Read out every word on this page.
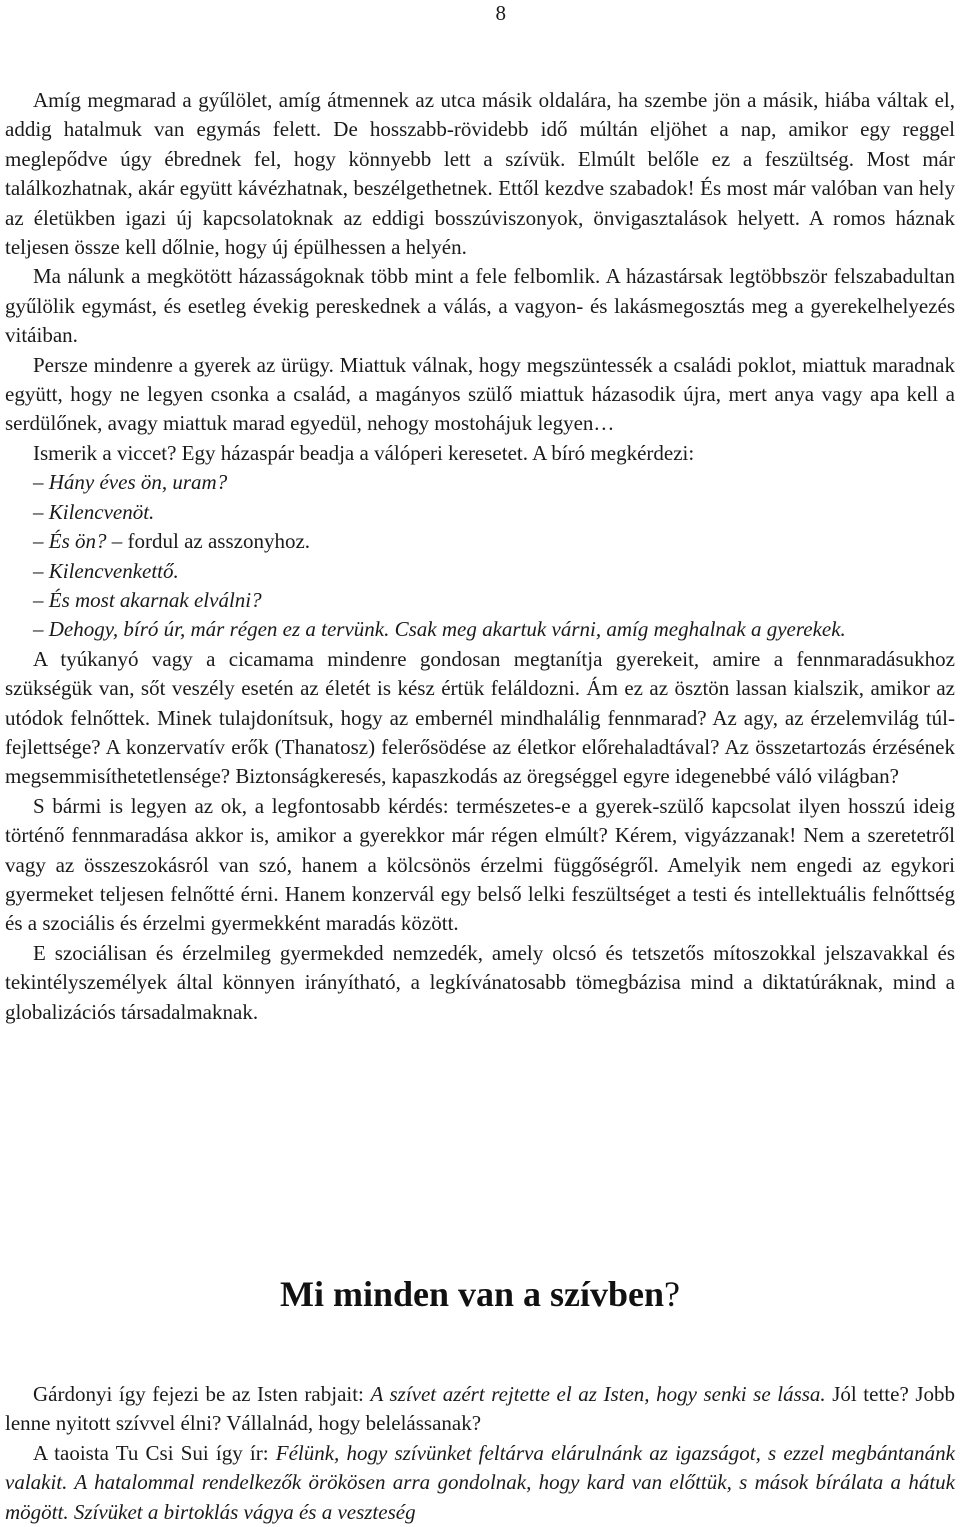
8

Amíg megmarad a gyűlölet, amíg átmennek az utca másik oldalára, ha szembe jön a másik, hiába váltak el, addig hatalmuk van egymás felett. De hosszabb-rövidebb idő múltán eljöhet a nap, amikor egy reggel meglepődve úgy ébrednek fel, hogy könnyebb lett a szívük. Elmúlt belőle ez a feszültség. Most már találkozhatnak, akár együtt kávézhatnak, beszélgethetnek. Ettől kezdve szabadok! És most már valóban van hely az életükben igazi új kapcsolatoknak az eddigi bosszúviszonyok, önvigasztalások helyett. A romos háznak teljesen össze kell dőlnie, hogy új épülhessen a helyén.

Ma nálunk a megkötött házasságoknak több mint a fele felbomlik. A házastársak legtöbbször felszabadultan gyűlölik egymást, és esetleg évekig pereskednek a válás, a vagyon- és lakásmegosztás meg a gyerekelhelyezés vitáiban.

Persze mindenre a gyerek az ürügy. Miattuk válnak, hogy megszüntessék a családi poklot, miattuk maradnak együtt, hogy ne legyen csonka a család, a magányos szülő miattuk házasodik újra, mert anya vagy apa kell a serdülőnek, avagy miattuk marad egyedül, nehogy mostohájuk legyen…

Ismerik a viccet? Egy házaspár beadja a válóperi keresetet. A bíró megkérdezi:

– Hány éves ön, uram?
– Kilencvenöt.
– És ön? – fordul az asszonyhoz.
– Kilencvenkettő.
– És most akarnak elválni?
– Dehogy, bíró úr, már régen ez a tervünk. Csak meg akartuk várni, amíg meghalnak a gyerekek.

A tyúkanyó vagy a cicamama mindenre gondosan megtanítja gyerekeit, amire a fennmaradásukhoz szükségük van, sőt veszély esetén az életét is kész értük feláldozni. Ám ez az ösztön lassan kialszik, amikor az utódok felnőttek. Minek tulajdonítsuk, hogy az embernél mindhalálig fennmarad? Az agy, az érzelemvilág túl-fejlettsége? A konzervatív erők (Thanatosz) felerősödése az életkor előrehaladtával? Az összetartozás érzésének megsemmisíthetetlensége? Biztonságkeresés, kapaszkodás az öregséggel egyre idegenebbé váló világban?

S bármi is legyen az ok, a legfontosabb kérdés: természetes-e a gyerek-szülő kapcsolat ilyen hosszú ideig történő fennmaradása akkor is, amikor a gyerekkor már régen elmúlt? Kérem, vigyázzanak! Nem a szeretetről vagy az összeszokásról van szó, hanem a kölcsönös érzelmi függőségről. Amelyik nem engedi az egykori gyermeket teljesen felnőtté érni. Hanem konzervál egy belső lelki feszültséget a testi és intellektuális felnőttség és a szociális és érzelmi gyermekként maradás között.

E szociálisan és érzelmileg gyermekded nemzedék, amely olcsó és tetszetős mítoszokkal jelszavakkal és tekintélyszemélyek által könnyen irányítható, a legkívánatosabb tömegbázisa mind a diktatúráknak, mind a globalizációs társadalmaknak.

Mi minden van a szívben?

Gárdonyi így fejezi be az Isten rabjait: A szívet azért rejtette el az Isten, hogy senki se lássa. Jól tette? Jobb lenne nyitott szívvel élni? Vállalnád, hogy belelássanak?

A taoista Tu Csi Sui így ír: Félünk, hogy szívünket feltárva elárulnánk az igazságot, s ezzel megbántanánk valakit. A hatalommal rendelkezők örökösen arra gondolnak, hogy kard van előttük, s mások bírálata a hátuk mögött. Szívüket a birtoklás vágya és a veszteség
